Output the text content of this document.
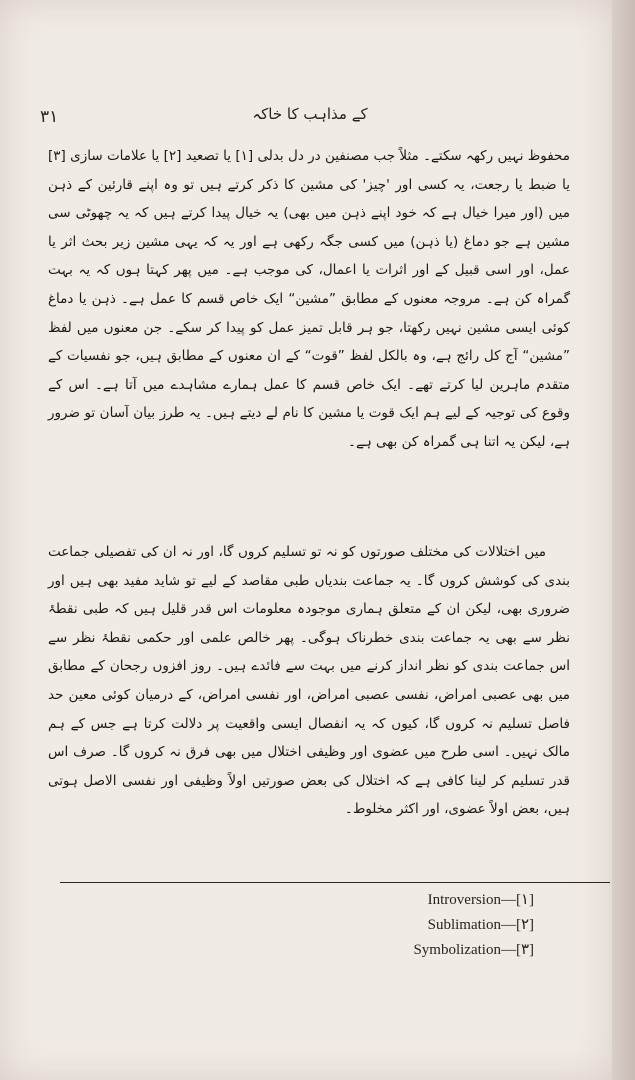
۳۱	کے مذاہب کا خاکہ
محفوظ نہیں رکھہ سکتے۔ مثلاً جب مصنفین در دل بدلی [۱] یا تصعید [۲] یا علامات سازی [۳] یا ضبط یا رجعت، یہ کسی اور 'چیز' کی مشین کا ذکر کرتے ہیں تو وہ اپنے قارئین کے ذہن میں (اور میرا خیال ہے کہ خود اپنے ذہن میں بھی) یہ خیال پیدا کرتے ہیں کہ یہ چھوٹی سی مشین ہے جو دماغ (یا ذہن) میں کسی جگہ رکھی ہے اور یہ کہ یہی مشین زیر بحث اثر یا عمل، اور اسی قبیل کے اور اثرات یا اعمال، کی موجب ہے۔ میں پھر کہتا ہوں کہ یہ بہت گمراہ کن ہے۔ مروجہ معنوں کے مطابق ”مشین“ ایک خاص قسم کا عمل ہے۔ ذہن یا دماغ کوئی ایسی مشین نہیں رکھتا، جو ہر قابل تمیز عمل کو پیدا کر سکے۔ جن معنوں میں لفظ ”مشین“ آج کل رائج ہے، وہ بالکل لفظ ”قوت“ کے ان معنوں کے مطابق ہیں، جو نفسیات کے متقدم ماہرین لیا کرتے تھے۔ ایک خاص قسم کا عمل ہمارے مشاہدے میں آتا ہے۔ اس کے وقوع کی توجیہ کے لیے ہم ایک قوت یا مشین کا نام لے دیتے ہیں۔ یہ طرز بیان آسان تو ضرور ہے، لیکن یہ اتنا ہی گمراہ کن بھی ہے۔
میں اختلالات کی مختلف صورتوں کو نہ تو تسلیم کروں گا، اور نہ ان کی تفصیلی جماعت بندی کی کوشش کروں گا۔ یہ جماعت بندیاں طبی مقاصد کے لیے تو شاید مفید بھی ہیں اور ضروری بھی، لیکن ان کے متعلق ہماری موجودہ معلومات اس قدر قلیل ہیں کہ طبی نقطۂ نظر سے بھی یہ جماعت بندی خطرناک ہوگی۔ پھر خالص علمی اور حکمی نقطۂ نظر سے اس جماعت بندی کو نظر انداز کرنے میں بہت سے فائدے ہیں۔ روز افزوں رجحان کے مطابق میں بھی عصبی امراض، نفسی عصبی امراض، اور نفسی امراض، کے درمیان کوئی معین حد فاصل تسلیم نہ کروں گا، کیوں کہ یہ انفصال ایسی واقعیت پر دلالت کرتا ہے جس کے ہم مالک نہیں۔ اسی طرح میں عضوی اور وظیفی اختلال میں بھی فرق نہ کروں گا۔ صرف اس قدر تسلیم کر لینا کافی ہے کہ اختلال کی بعض صورتیں اولاً وظیفی اور نفسی الاصل ہوتی ہیں، بعض اولاً عضوی، اور اکثر مخلوط۔
Introversion—[۱]
Sublimation—[۲]
Symbolization—[۳]
